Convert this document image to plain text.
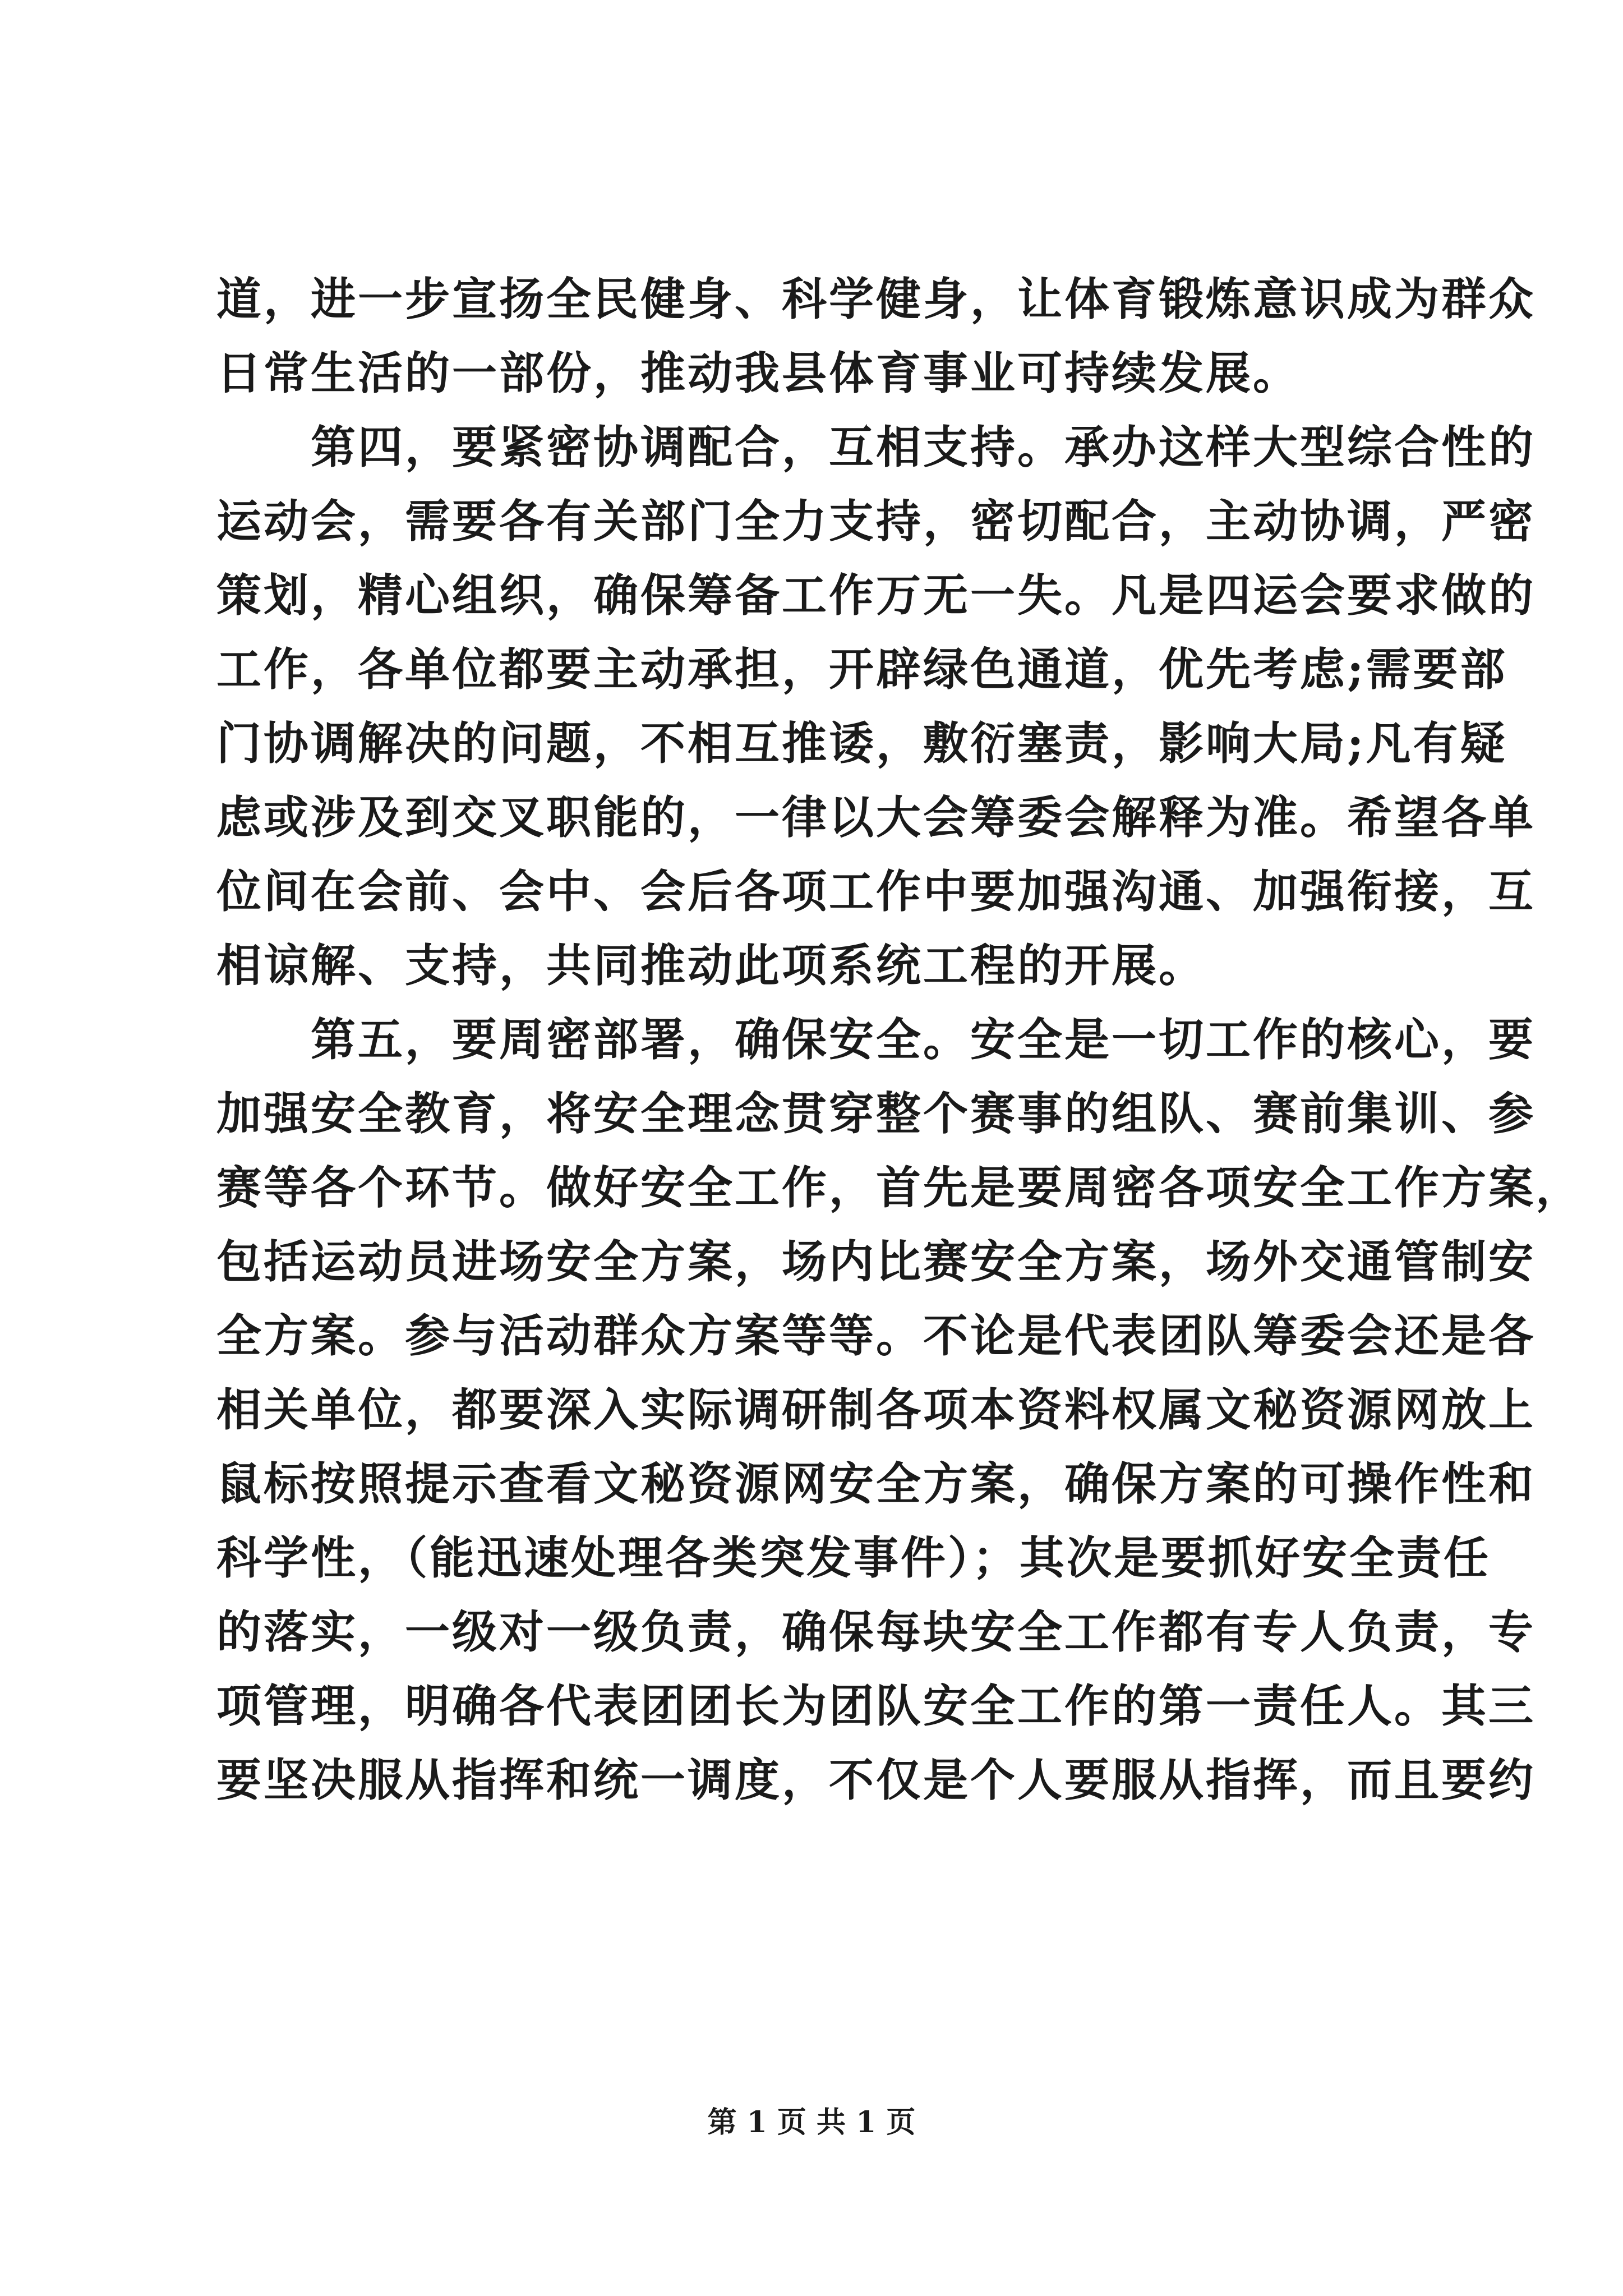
道，进一步宣扬全民健身、科学健身，让体育锻炼意识成为群众
日常生活的一部份，推动我县体育事业可持续发展。
　　第四，要紧密协调配合，互相支持。承办这样大型综合性的
运动会，需要各有关部门全力支持，密切配合，主动协调，严密
策划，精心组织，确保筹备工作万无一失。凡是四运会要求做的
工作，各单位都要主动承担，开辟绿色通道，优先考虑;需要部
门协调解决的问题，不相互推诿，敷衍塞责，影响大局;凡有疑
虑或涉及到交叉职能的，一律以大会筹委会解释为准。希望各单
位间在会前、会中、会后各项工作中要加强沟通、加强衔接，互
相谅解、支持，共同推动此项系统工程的开展。
　　第五，要周密部署，确保安全。安全是一切工作的核心，要
加强安全教育，将安全理念贯穿整个赛事的组队、赛前集训、参
赛等各个环节。做好安全工作，首先是要周密各项安全工作方案，
包括运动员进场安全方案，场内比赛安全方案，场外交通管制安
全方案。参与活动群众方案等等。不论是代表团队筹委会还是各
相关单位，都要深入实际调研制各项本资料权属文秘资源网放上
鼠标按照提示查看文秘资源网安全方案，确保方案的可操作性和
科学性，（能迅速处理各类突发事件）；其次是要抓好安全责任
的落实，一级对一级负责，确保每块安全工作都有专人负责，专
项管理，明确各代表团团长为团队安全工作的第一责任人。其三
要坚决服从指挥和统一调度，不仅是个人要服从指挥，而且要约
第 1 页 共 1 页
